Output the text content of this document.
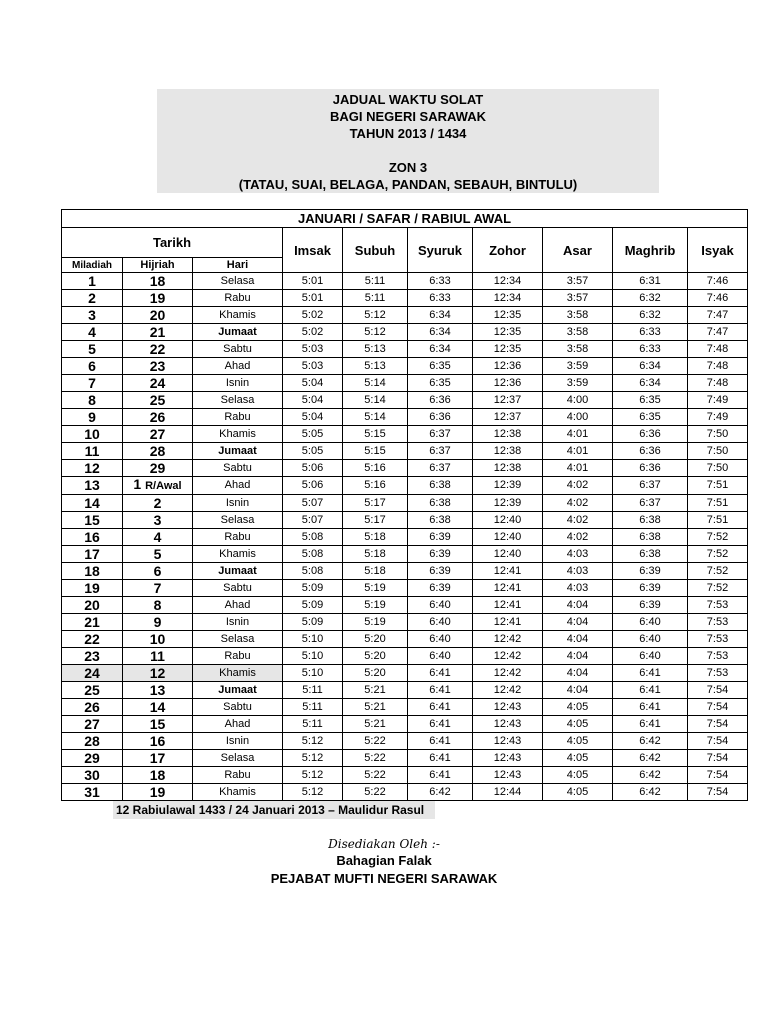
JADUAL WAKTU SOLAT
BAGI NEGERI SARAWAK
TAHUN 2013 / 1434
ZON 3
(TATAU, SUAI, BELAGA, PANDAN, SEBAUH, BINTULU)
JANUARI / SAFAR / RABIUL AWAL									
Tarikh			Imsak	Subuh	Syuruk	Zohor	Asar	Maghrib	Isyak
Miladiah	Hijriah	Hari							
1	18	Selasa	5:01	5:11	6:33	12:34	3:57	6:31	7:46
2	19	Rabu	5:01	5:11	6:33	12:34	3:57	6:32	7:46
3	20	Khamis	5:02	5:12	6:34	12:35	3:58	6:32	7:47
4	21	Jumaat	5:02	5:12	6:34	12:35	3:58	6:33	7:47
5	22	Sabtu	5:03	5:13	6:34	12:35	3:58	6:33	7:48
6	23	Ahad	5:03	5:13	6:35	12:36	3:59	6:34	7:48
7	24	Isnin	5:04	5:14	6:35	12:36	3:59	6:34	7:48
8	25	Selasa	5:04	5:14	6:36	12:37	4:00	6:35	7:49
9	26	Rabu	5:04	5:14	6:36	12:37	4:00	6:35	7:49
10	27	Khamis	5:05	5:15	6:37	12:38	4:01	6:36	7:50
11	28	Jumaat	5:05	5:15	6:37	12:38	4:01	6:36	7:50
12	29	Sabtu	5:06	5:16	6:37	12:38	4:01	6:36	7:50
13	1 R/Awal	Ahad	5:06	5:16	6:38	12:39	4:02	6:37	7:51
14	2	Isnin	5:07	5:17	6:38	12:39	4:02	6:37	7:51
15	3	Selasa	5:07	5:17	6:38	12:40	4:02	6:38	7:51
16	4	Rabu	5:08	5:18	6:39	12:40	4:02	6:38	7:52
17	5	Khamis	5:08	5:18	6:39	12:40	4:03	6:38	7:52
18	6	Jumaat	5:08	5:18	6:39	12:41	4:03	6:39	7:52
19	7	Sabtu	5:09	5:19	6:39	12:41	4:03	6:39	7:52
20	8	Ahad	5:09	5:19	6:40	12:41	4:04	6:39	7:53
21	9	Isnin	5:09	5:19	6:40	12:41	4:04	6:40	7:53
22	10	Selasa	5:10	5:20	6:40	12:42	4:04	6:40	7:53
23	11	Rabu	5:10	5:20	6:40	12:42	4:04	6:40	7:53
24	12	Khamis	5:10	5:20	6:41	12:42	4:04	6:41	7:53
25	13	Jumaat	5:11	5:21	6:41	12:42	4:04	6:41	7:54
26	14	Sabtu	5:11	5:21	6:41	12:43	4:05	6:41	7:54
27	15	Ahad	5:11	5:21	6:41	12:43	4:05	6:41	7:54
28	16	Isnin	5:12	5:22	6:41	12:43	4:05	6:42	7:54
29	17	Selasa	5:12	5:22	6:41	12:43	4:05	6:42	7:54
30	18	Rabu	5:12	5:22	6:41	12:43	4:05	6:42	7:54
31	19	Khamis	5:12	5:22	6:42	12:44	4:05	6:42	7:54
12 Rabiulawal 1433 / 24 Januari 2013 – Maulidur Rasul
Disediakan Oleh :-
Bahagian Falak
PEJABAT MUFTI NEGERI SARAWAK
